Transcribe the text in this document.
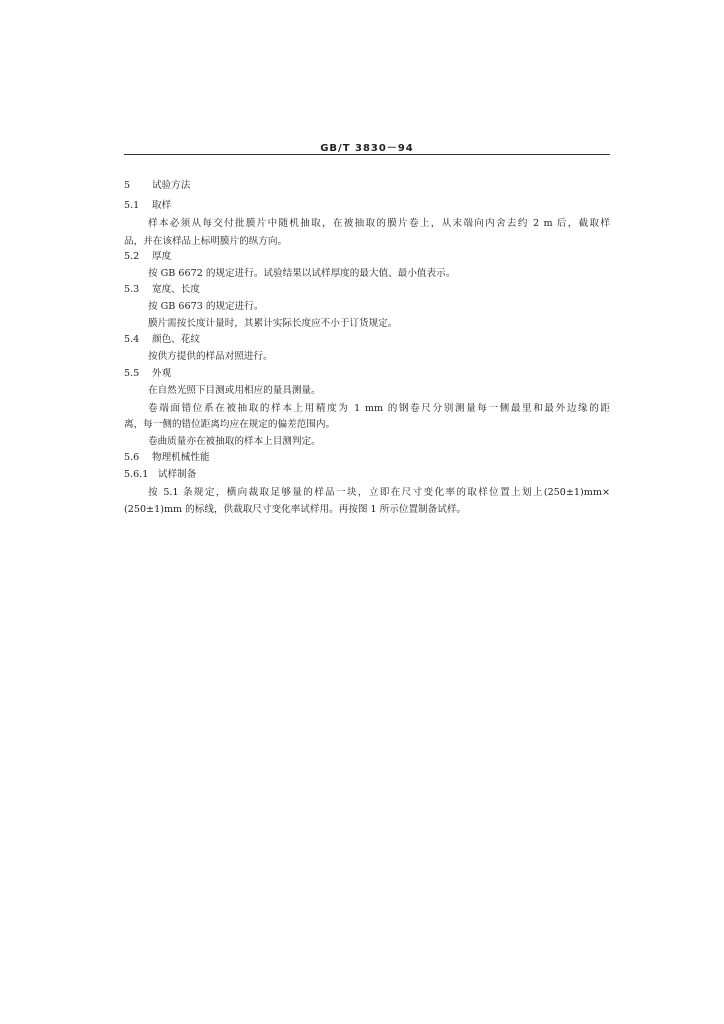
GB/T 3830－94
5 试验方法
5.1 取样
样本必须从每交付批膜片中随机抽取，在被抽取的膜片卷上，从末端向内舍去约 2 m 后，截取样
品，并在该样品上标明膜片的纵方向。
5.2 厚度
按 GB 6672 的规定进行。试验结果以试样厚度的最大值、最小值表示。
5.3 宽度、长度
按 GB 6673 的规定进行。
膜片需按长度计量时，其累计实际长度应不小于订货规定。
5.4 颜色、花纹
按供方提供的样品对照进行。
5.5 外观
在自然光照下目测或用相应的量具测量。
卷端面错位系在被抽取的样本上用精度为 1 mm 的钢卷尺分别测量每一侧最里和最外边缘的距
离，每一侧的错位距离均应在规定的偏差范围内。
卷曲质量亦在被抽取的样本上目测判定。
5.6 物理机械性能
5.6.1 试样制备
按 5.1 条规定，横向裁取足够量的样品一块，立即在尺寸变化率的取样位置上划上(250±1)mm×
(250±1)mm 的标线，供裁取尺寸变化率试样用。再按图 1 所示位置制备试样。
